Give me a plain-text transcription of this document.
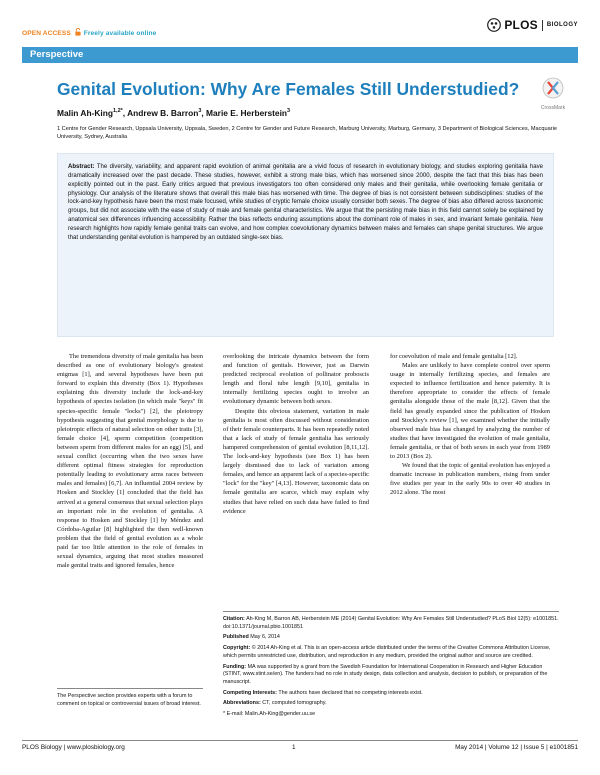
OPEN ACCESS Freely available online
PLOS BIOLOGY
Perspective
Genital Evolution: Why Are Females Still Understudied?
CrossMark
Malin Ah-King$^{1,2*}$, Andrew B. Barron$^3$, Marie E. Herberstein$^3$
1 Centre for Gender Research, Uppsala University, Uppsala, Sweden, 2 Centre for Gender and Future Research, Marburg University, Marburg, Germany, 3 Department of Biological Sciences, Macquarie University, Sydney, Australia

Abstract: The diversity, variability, and apparent rapid evolution of animal genitalia are a vivid focus of research in evolutionary biology, and studies exploring genitalia have dramatically increased over the past decade. These studies, however, exhibit a strong male bias, which has worsened since 2000, despite the fact that this bias has been explicitly pointed out in the past. Early critics argued that previous investigators too often considered only males and their genitalia, while overlooking female genitalia or physiology. Our analysis of the literature shows that overall this male bias has worsened with time. The degree of bias is not consistent between subdisciplines: studies of the lock-and-key hypothesis have been the most male focused, while studies of cryptic female choice usually consider both sexes. The degree of bias also differed across taxonomic groups, but did not associate with the ease of study of male and female genital characteristics. We argue that the persisting male bias in this field cannot solely be explained by anatomical sex differences influencing accessibility. Rather the bias reflects enduring assumptions about the dominant role of males in sex, and invariant female genitalia. New research highlights how rapidly female genital traits can evolve, and how complex coevolutionary dynamics between males and females can shape genital structures. We argue that understanding genital evolution is hampered by an outdated single-sex bias.

The tremendous diversity of male genitalia has been described as one of evolutionary biology's greatest enigmas [1], and several hypotheses have been put forward to explain this diversity (Box 1). Hypotheses explaining this diversity include the lock-and-key hypothesis of species isolation (in which male "keys" fit species-specific female "locks") [2], the pleiotropy hypothesis suggesting that genital morphology is due to pleiotropic effects of natural selection on other traits [3], female choice [4], sperm competition (competition between sperm from different males for an egg) [5], and sexual conflict (occurring when the two sexes have different optimal fitness strategies for reproduction potentially leading to evolutionary arms races between males and females) [6,7]. An influential 2004 review by Hosken and Stockley [1] concluded that the field has arrived at a general consensus that sexual selection plays an important role in the evolution of genitalia. A response to Hosken and Stockley [1] by Méndez and Córdoba-Aguilar [8] highlighted the then well-known problem that the field of genital evolution as a whole paid far too little attention to the role of females in sexual dynamics, arguing that most studies measured male genital traits and ignored females, hence

overlooking the intricate dynamics between the form and function of genitals. However, just as Darwin predicted reciprocal evolution of pollinator proboscis length and floral tube length [9,10], genitalia in internally fertilizing species ought to involve an evolutionary dynamic between both sexes.

Despite this obvious statement, variation in male genitalia is most often discussed without consideration of their female counterparts. It has been repeatedly noted that a lack of study of female genitalia has seriously hampered comprehension of genital evolution [8,11,12]. The lock-and-key hypothesis (see Box 1) has been largely dismissed due to lack of variation among females, and hence an apparent lack of a species-specific "lock" for the "key" [4,13]. However, taxonomic data on female genitalia are scarce, which may explain why studies that have relied on such data have failed to find evidence

for coevolution of male and female genitalia [12].

Males are unlikely to have complete control over sperm usage in internally fertilizing species, and females are expected to influence fertilization and hence paternity. It is therefore appropriate to consider the effects of female genitalia alongside those of the male [8,12]. Given that the field has greatly expanded since the publication of Hosken and Stockley's review [1], we examined whether the initially observed male bias has changed by analyzing the number of studies that have investigated the evolution of male genitalia, female genitalia, or that of both sexes in each year from 1989 to 2013 (Box 2).

We found that the topic of genital evolution has enjoyed a dramatic increase in publication numbers, rising from under five studies per year in the early 90s to over 40 studies in 2012 alone. The most

The Perspective section provides experts with a forum to comment on topical or controversial issues of broad interest.

Citation: Ah-King M, Barron AB, Herberstein ME (2014) Genital Evolution: Why Are Females Still Understudied? PLoS Biol 12(5): e1001851. doi:10.1371/journal.pbio.1001851

Published May 6, 2014

Copyright: © 2014 Ah-King et al. This is an open-access article distributed under the terms of the Creative Commons Attribution License, which permits unrestricted use, distribution, and reproduction in any medium, provided the original author and source are credited.

Funding: MA was supported by a grant from the Swedish Foundation for International Cooperation in Research and Higher Education (STINT, www.stint.se/en). The funders had no role in study design, data collection and analysis, decision to publish, or preparation of the manuscript.

Competing Interests: The authors have declared that no competing interests exist.

Abbreviations: CT, computed tomography.

* E-mail: Malin.Ah-King@gender.uu.se

PLOS Biology | www.plosbiology.org	1	May 2014 | Volume 12 | Issue 5 | e1001851
